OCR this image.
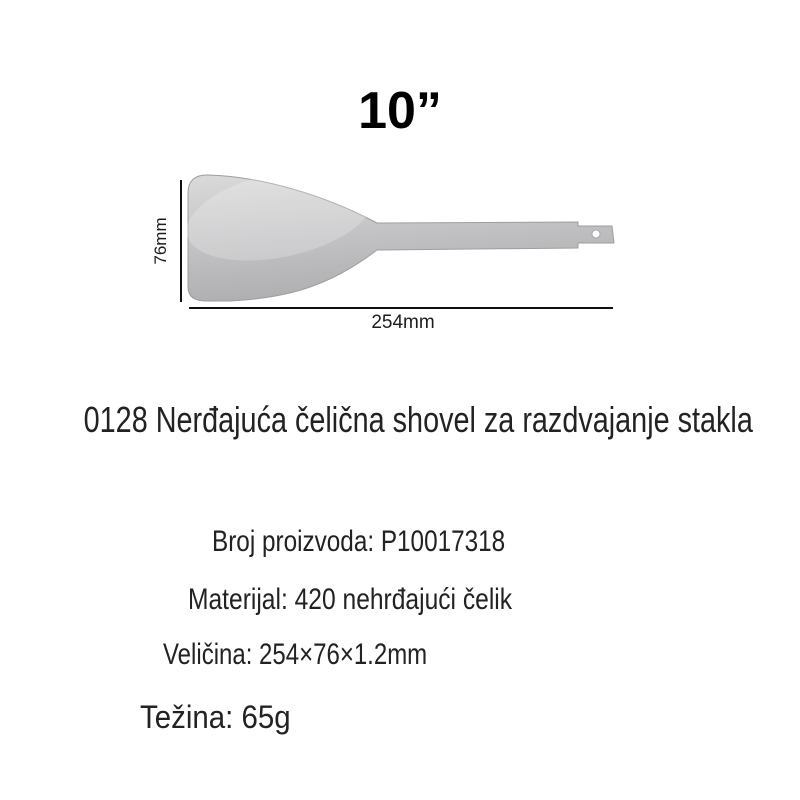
10”
76mm
254mm
0128 Nerđajuća čelična shovel za razdvajanje stakla
Broj proizvoda: P10017318
Materijal: 420 nehrđajući čelik
Veličina: 254×76×1.2mm
Težina: 65g
